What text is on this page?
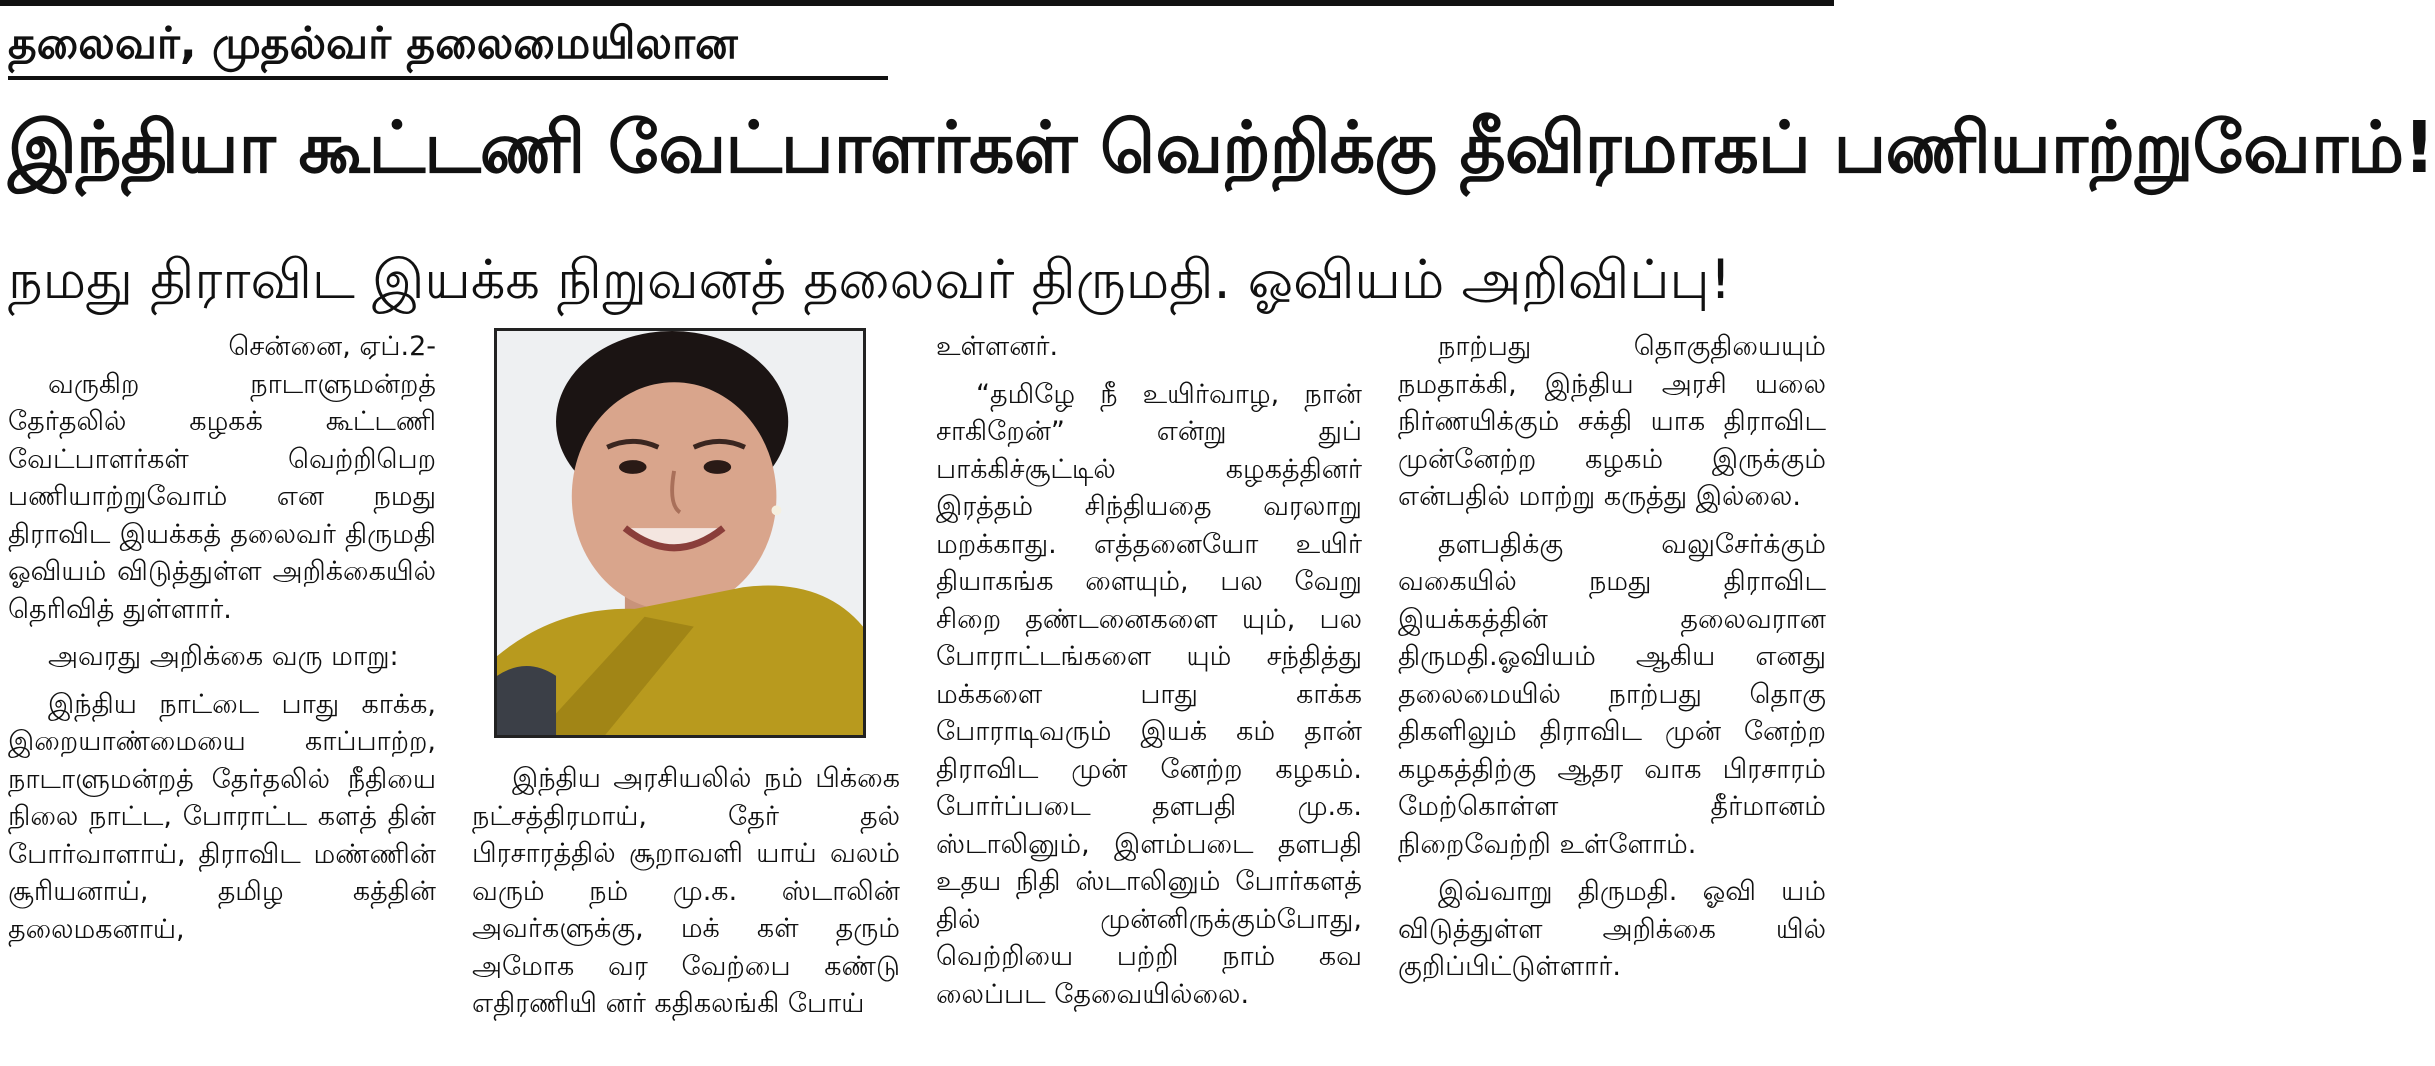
தலைவர், முதல்வர் தலைமையிலான
இந்தியா கூட்டணி வேட்பாளர்கள் வெற்றிக்கு தீவிரமாகப் பணியாற்றுவோம்!
நமது திராவிட இயக்க நிறுவனத் தலைவர் திருமதி. ஓவியம் அறிவிப்பு!

சென்னை, ஏப்.2-

வருகிற நாடாளுமன்றத் தேர்தலில் கழகக் கூட்டணி வேட்பாளர்கள் வெற்றிபெற பணியாற்றுவோம் என நமது திராவிட இயக்கத் தலைவர் திருமதி ஓவியம் விடுத்துள்ள அறிக்கையில் தெரிவித் துள்ளார்.

அவரது அறிக்கை வரு மாறு:

இந்திய நாட்டை பாது காக்க, இறையாண்மையை காப்பாற்ற, நாடாளுமன்றத் தேர்தலில் நீதியை நிலை நாட்ட, போராட்ட களத் தின் போர்வாளாய், திராவிட மண்ணின் சூரியனாய், தமிழ கத்தின் தலைமகனாய்,

இந்திய அரசியலில் நம் பிக்கை நட்சத்திரமாய், தேர் தல் பிரசாரத்தில் சூறாவளி யாய் வலம் வரும் நம் மு.க. ஸ்டாலின் அவர்களுக்கு, மக் கள் தரும் அமோக வர வேற்பை கண்டு எதிரணியி னர் கதிகலங்கி போய்

உள்ளனர்.

“தமிழே நீ உயிர்வாழ, நான் சாகிறேன்” என்று துப் பாக்கிச்சூட்டில் கழகத்தினர் இரத்தம் சிந்தியதை வரலாறு மறக்காது. எத்தனையோ உயிர் தியாகங்க ளையும், பல வேறு சிறை தண்டனைகளை யும், பல போராட்டங்களை யும் சந்தித்து மக்களை பாது காக்க போராடிவரும் இயக் கம் தான் திராவிட முன் னேற்ற கழகம். போர்ப்படை தளபதி மு.க. ஸ்டாலினும், இளம்படை தளபதி உதய நிதி ஸ்டாலினும் போர்களத் தில் முன்னிருக்கும்போது, வெற்றியை பற்றி நாம் கவ லைப்பட தேவையில்லை.

நாற்பது தொகுதியையும் நமதாக்கி, இந்திய அரசி யலை நிர்ணயிக்கும் சக்தி யாக திராவிட முன்னேற்ற கழகம் இருக்கும் என்பதில் மாற்று கருத்து இல்லை.

தளபதிக்கு வலுசேர்க்கும் வகையில் நமது திராவிட இயக்கத்தின் தலைவரான திருமதி.ஓவியம் ஆகிய எனது தலைமையில் நாற்பது தொகு திகளிலும் திராவிட முன் னேற்ற கழகத்திற்கு ஆதர வாக பிரசாரம் மேற்கொள்ள தீர்மானம் நிறைவேற்றி உள்ளோம்.

இவ்வாறு திருமதி. ஓவி யம் விடுத்துள்ள அறிக்கை யில் குறிப்பிட்டுள்ளார்.
